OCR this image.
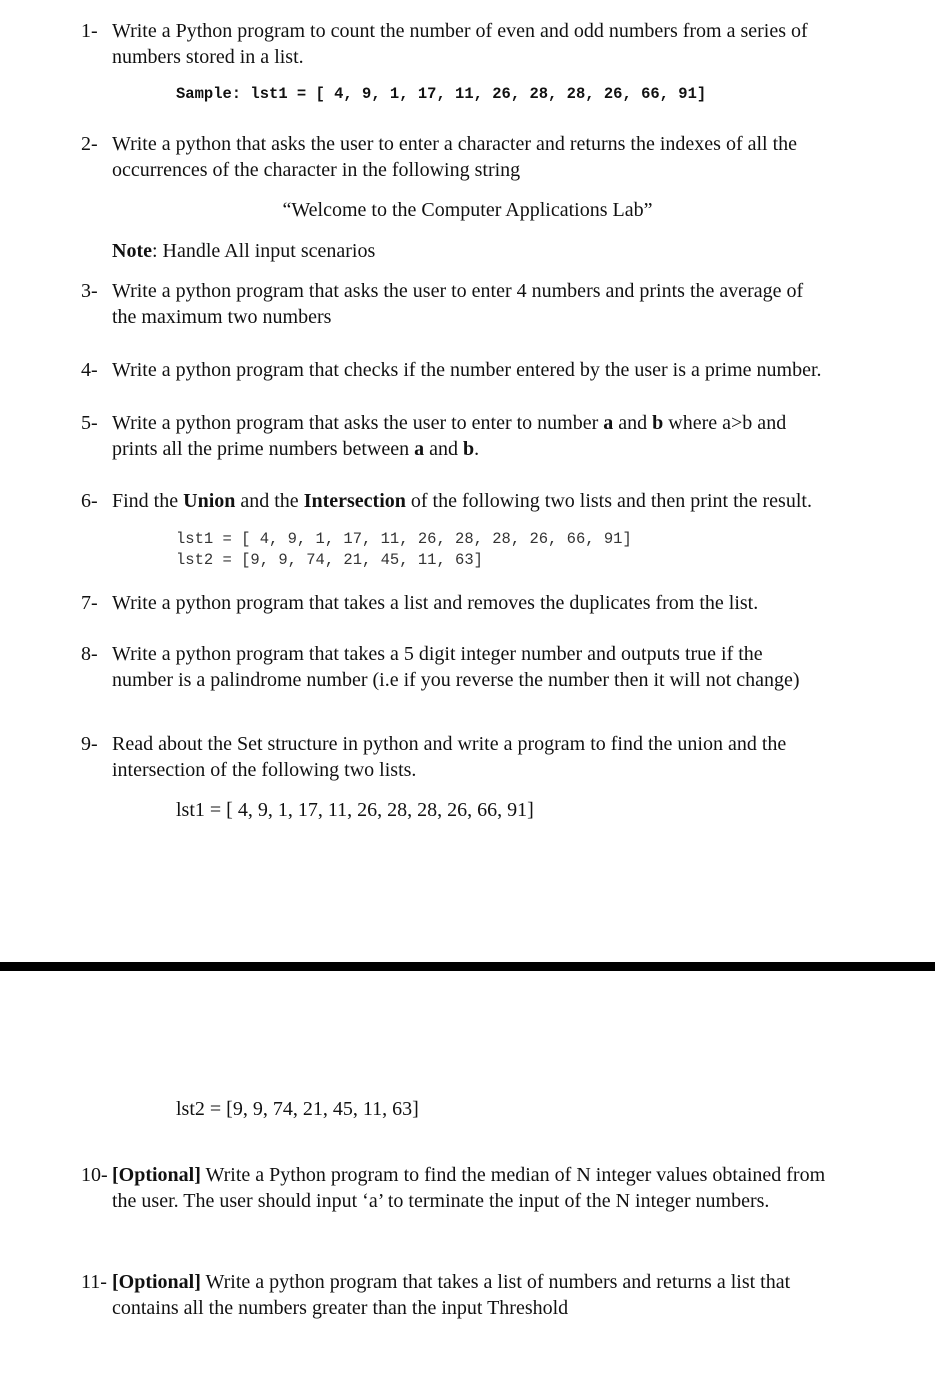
1- Write a Python program to count the number of even and odd numbers from a series of
numbers stored in a list.
Sample: lst1 = [ 4, 9, 1, 17, 11, 26, 28, 28, 26, 66, 91]
2- Write a python that asks the user to enter a character and returns the indexes of all the
occurrences of the character in the following string
“Welcome to the Computer Applications Lab”
Note: Handle All input scenarios
3- Write a python program that asks the user to enter 4 numbers and prints the average of
the maximum two numbers
4- Write a python program that checks if the number entered by the user is a prime number.
5- Write a python program that asks the user to enter to number a and b where a>b and
prints all the prime numbers between a and b.
6- Find the Union and the Intersection of the following two lists and then print the result.
lst1 = [ 4, 9, 1, 17, 11, 26, 28, 28, 26, 66, 91]
lst2 = [9, 9, 74, 21, 45, 11, 63]
7- Write a python program that takes a list and removes the duplicates from the list.
8- Write a python program that takes a 5 digit integer number and outputs true if the
number is a palindrome number (i.e if you reverse the number then it will not change)
9- Read about the Set structure in python and write a program to find the union and the
intersection of the following two lists.
lst1 = [ 4, 9, 1, 17, 11, 26, 28, 28, 26, 66, 91]
lst2 = [9, 9, 74, 21, 45, 11, 63]
10- [Optional] Write a Python program to find the median of N integer values obtained from
the user. The user should input ‘a’ to terminate the input of the N integer numbers.
11- [Optional] Write a python program that takes a list of numbers and returns a list that
contains all the numbers greater than the input Threshold
